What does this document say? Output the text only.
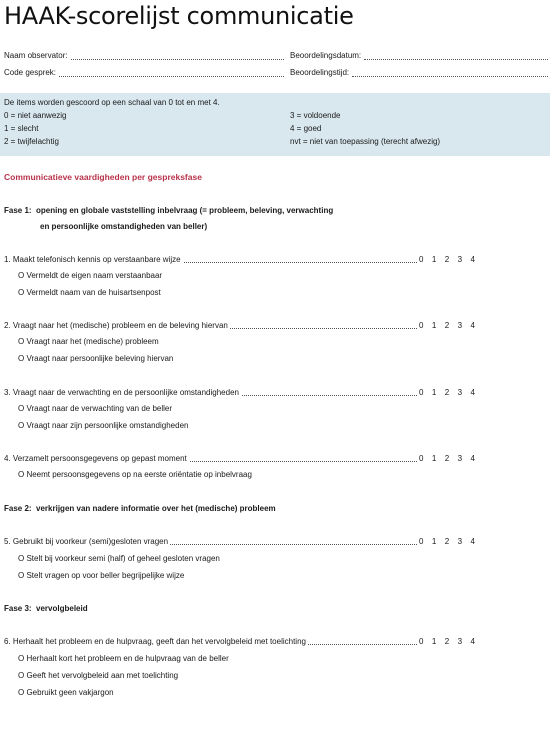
HAAK-scorelijst communicatie
Naam observator:	Beoordelingsdatum:
Code gesprek:	Beoordelingstijd:
De items worden gescoord op een schaal van 0 tot en met 4.
0 = niet aanwezig
1 = slecht
2 = twijfelachtig
3 = voldoende
4 = goed
nvt = niet van toepassing (terecht afwezig)
Communicatieve vaardigheden per gespreksfase
Fase 1: opening en globale vaststelling inbelvraag (= probleem, beleving, verwachting
en persoonlijke omstandigheden van beller)
1. Maakt telefonisch kennis op verstaanbare wijze	0 1 2 3 4
O Vermeldt de eigen naam verstaanbaar
O Vermeldt naam van de huisartsenpost
2. Vraagt naar het (medische) probleem en de beleving hiervan	0 1 2 3 4
O Vraagt naar het (medische) probleem
O Vraagt naar persoonlijke beleving hiervan
3. Vraagt naar de verwachting en de persoonlijke omstandigheden	0 1 2 3 4
O Vraagt naar de verwachting van de beller
O Vraagt naar zijn persoonlijke omstandigheden
4. Verzamelt persoonsgegevens op gepast moment	0 1 2 3 4
O Neemt persoonsgegevens op na eerste oriëntatie op inbelvraag
Fase 2: verkrijgen van nadere informatie over het (medische) probleem
5. Gebruikt bij voorkeur (semi)gesloten vragen	0 1 2 3 4
O Stelt bij voorkeur semi (half) of geheel gesloten vragen
O Stelt vragen op voor beller begrijpelijke wijze
Fase 3: vervolgbeleid
6. Herhaalt het probleem en de hulpvraag, geeft dan het vervolgbeleid met toelichting	0 1 2 3 4
O Herhaalt kort het probleem en de hulpvraag van de beller
O Geeft het vervolgbeleid aan met toelichting
O Gebruikt geen vakjargon
